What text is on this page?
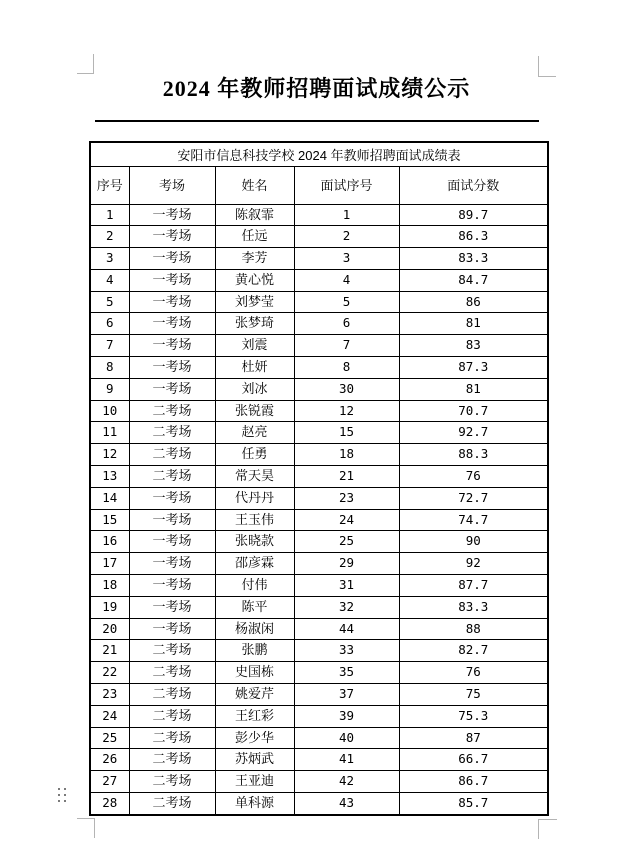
2024 年教师招聘面试成绩公示
安阳市信息科技学校 2024 年教师招聘面试成绩表				
序号	考场	姓名	面试序号	面试分数
1	一考场	陈叙霏	1	89.7
2	一考场	任远	2	86.3
3	一考场	李芳	3	83.3
4	一考场	黄心悦	4	84.7
5	一考场	刘梦莹	5	86
6	一考场	张梦琦	6	81
7	一考场	刘震	7	83
8	一考场	杜妍	8	87.3
9	一考场	刘冰	30	81
10	二考场	张锐霞	12	70.7
11	二考场	赵亮	15	92.7
12	二考场	任勇	18	88.3
13	二考场	常天昊	21	76
14	一考场	代丹丹	23	72.7
15	一考场	王玉伟	24	74.7
16	一考场	张晓款	25	90
17	一考场	邵彦霖	29	92
18	一考场	付伟	31	87.7
19	一考场	陈平	32	83.3
20	一考场	杨淑闲	44	88
21	二考场	张鹏	33	82.7
22	二考场	史国栋	35	76
23	二考场	姚爱芹	37	75
24	二考场	王红彩	39	75.3
25	二考场	彭少华	40	87
26	二考场	苏炳武	41	66.7
27	二考场	王亚迪	42	86.7
28	二考场	单科源	43	85.7
